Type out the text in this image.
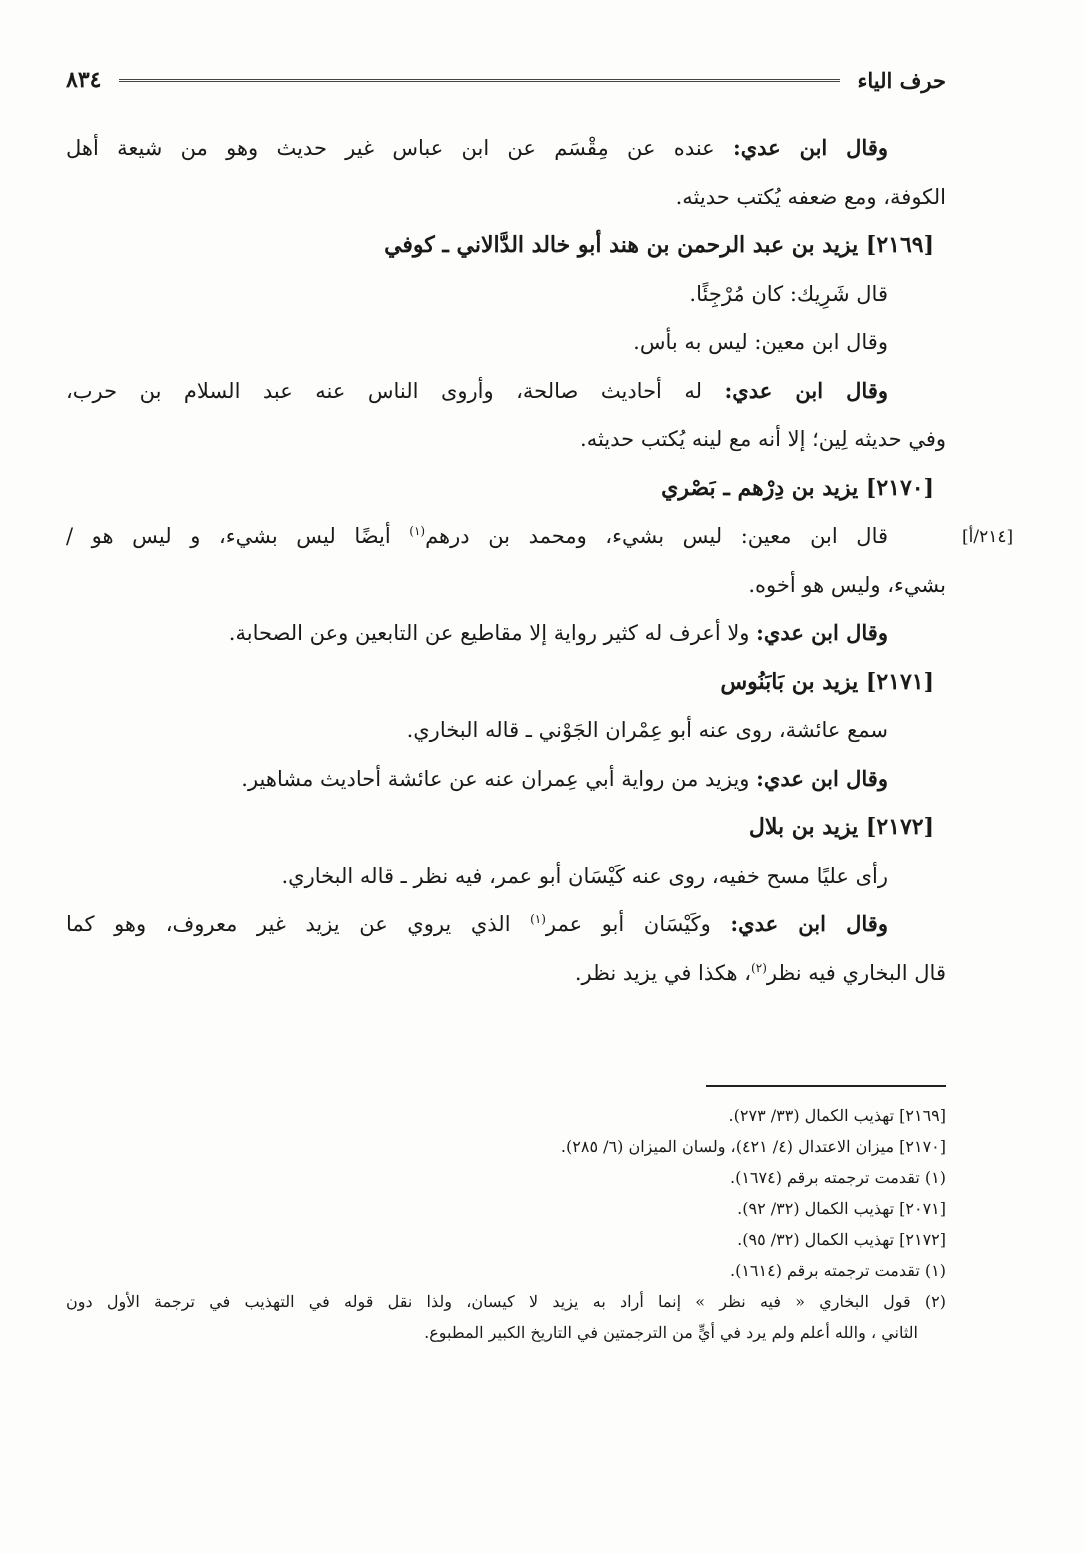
حرف الياء
٨٣٤
[٢١٤/أ]
وقال ابن عدي: عنده عن مِقْسَم عن ابن عباس غير حديث وهو من شيعة أهل
الكوفة، ومع ضعفه يُكتب حديثه.
[٢١٦٩] يزيد بن عبد الرحمن بن هند أبو خالد الدَّالاني ـ كوفي
قال شَرِيك: كان مُرْجِئًا.
وقال ابن معين: ليس به بأس.
وقال ابن عدي: له أحاديث صالحة، وأروى الناس عنه عبد السلام بن حرب،
وفي حديثه لِين؛ إلا أنه مع لينه يُكتب حديثه.
[٢١٧٠] يزيد بن دِرْهم ـ بَصْري
قال ابن معين: ليس بشيء، ومحمد بن درهم$^{(١)}$ أيضًا ليس بشيء، و ليس هو /
بشيء، وليس هو أخوه.
وقال ابن عدي: ولا أعرف له كثير رواية إلا مقاطيع عن التابعين وعن الصحابة.
[٢١٧١] يزيد بن بَابَنُوس
سمع عائشة، روى عنه أبو عِمْران الجَوْني ـ قاله البخاري.
وقال ابن عدي: ويزيد من رواية أبي عِمران عنه عن عائشة أحاديث مشاهير.
[٢١٧٢] يزيد بن بلال
رأى عليًا مسح خفيه، روى عنه كَيْسَان أبو عمر، فيه نظر ـ قاله البخاري.
وقال ابن عدي: وكَيْسَان أبو عمر$^{(١)}$ الذي يروي عن يزيد غير معروف، وهو كما
قال البخاري فيه نظر$^{(٢)}$، هكذا في يزيد نظر.
[٢١٦٩] تهذيب الكمال (٣٣/ ٢٧٣).
[٢١٧٠] ميزان الاعتدال (٤/ ٤٢١)، ولسان الميزان (٦/ ٢٨٥).
(١) تقدمت ترجمته برقم (١٦٧٤).
[٢٠٧١] تهذيب الكمال (٣٢/ ٩٢).
[٢١٧٢] تهذيب الكمال (٣٢/ ٩٥).
(١) تقدمت ترجمته برقم (١٦١٤).
(٢) قول البخاري « فيه نظر » إنما أراد به يزيد لا كيسان، ولذا نقل قوله في التهذيب في ترجمة الأول دون
الثاني ، والله أعلم ولم يرد في أيٍّ من الترجمتين في التاريخ الكبير المطبوع.
